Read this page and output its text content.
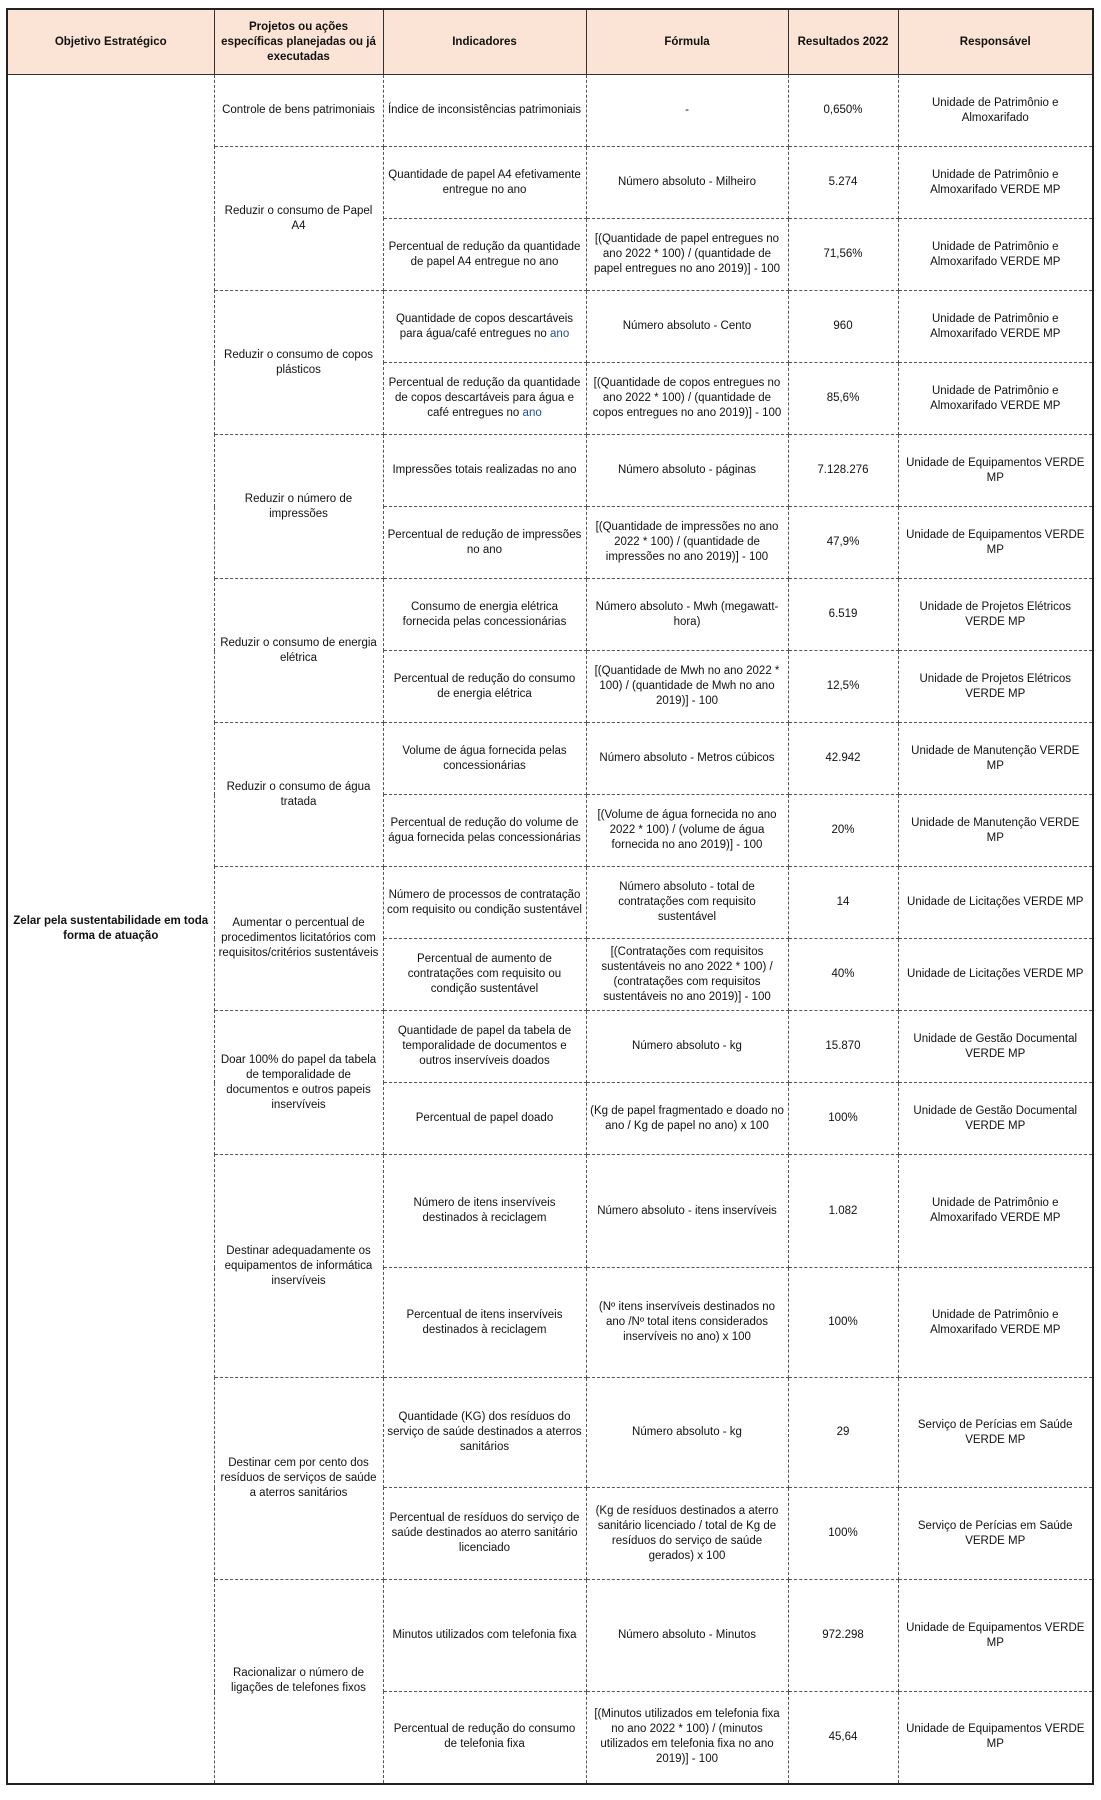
Objetivo Estratégico	Projetos ou ações específicas planejadas ou já executadas	Indicadores	Fórmula	Resultados 2022	Responsável
Zelar pela sustentabilidade em toda forma de atuação	Controle de bens patrimoniais	Índice de inconsistências patrimoniais	-	0,650%	Unidade de Patrimônio e Almoxarifado
	Reduzir o consumo de Papel A4	Quantidade de papel A4 efetivamente entregue no ano	Número absoluto - Milheiro	5.274	Unidade de Patrimônio e Almoxarifado VERDE MP
		Percentual de redução da quantidade de papel A4 entregue no ano	[(Quantidade de papel entregues no ano 2022 * 100) / (quantidade de papel entregues no ano 2019)] - 100	71,56%	Unidade de Patrimônio e Almoxarifado VERDE MP
	Reduzir o consumo de copos plásticos	Quantidade de copos descartáveis para água/café entregues no ano	Número absoluto - Cento	960	Unidade de Patrimônio e Almoxarifado VERDE MP
		Percentual de redução da quantidade de copos descartáveis para água e café entregues no ano	[(Quantidade de copos entregues no ano 2022 * 100) / (quantidade de copos entregues no ano 2019)] - 100	85,6%	Unidade de Patrimônio e Almoxarifado VERDE MP
	Reduzir o número de impressões	Impressões totais realizadas no ano	Número absoluto - páginas	7.128.276	Unidade de Equipamentos VERDE MP
		Percentual de redução de impressões no ano	[(Quantidade de impressões no ano 2022 * 100) / (quantidade de impressões no ano 2019)] - 100	47,9%	Unidade de Equipamentos VERDE MP
	Reduzir o consumo de energia elétrica	Consumo de energia elétrica fornecida pelas concessionárias	Número absoluto - Mwh (megawatt-hora)	6.519	Unidade de Projetos Elétricos VERDE MP
		Percentual de redução do consumo de energia elétrica	[(Quantidade de Mwh no ano 2022 * 100) / (quantidade de Mwh no ano 2019)] - 100	12,5%	Unidade de Projetos Elétricos VERDE MP
	Reduzir o consumo de água tratada	Volume de água fornecida pelas concessionárias	Número absoluto - Metros cúbicos	42.942	Unidade de Manutenção VERDE MP
		Percentual de redução do volume de água fornecida pelas concessionárias	[(Volume de água fornecida no ano 2022 * 100) / (volume de água fornecida no ano 2019)] - 100	20%	Unidade de Manutenção VERDE MP
	Aumentar o percentual de procedimentos licitatórios com requisitos/critérios sustentáveis	Número de processos de contratação com requisito ou condição sustentável	Número absoluto - total de contratações com requisito sustentável	14	Unidade de Licitações VERDE MP
		Percentual de aumento de contratações com requisito ou condição sustentável	[(Contratações com requisitos sustentáveis no ano 2022 * 100) / (contratações com requisitos sustentáveis no ano 2019)] - 100	40%	Unidade de Licitações VERDE MP
	Doar 100% do papel da tabela de temporalidade de documentos e outros papeis inservíveis	Quantidade de papel da tabela de temporalidade de documentos e outros inservíveis doados	Número absoluto - kg	15.870	Unidade de Gestão Documental VERDE MP
		Percentual de papel doado	(Kg de papel fragmentado e doado no ano / Kg de papel no ano) x 100	100%	Unidade de Gestão Documental VERDE MP
	Destinar adequadamente os equipamentos de informática inservíveis	Número de itens inservíveis destinados à reciclagem	Número absoluto - itens inservíveis	1.082	Unidade de Patrimônio e Almoxarifado VERDE MP
		Percentual de itens inservíveis destinados à reciclagem	(Nº itens inservíveis destinados no ano /Nº total itens considerados inservíveis no ano) x 100	100%	Unidade de Patrimônio e Almoxarifado VERDE MP
	Destinar cem por cento dos resíduos de serviços de saúde a aterros sanitários	Quantidade (KG) dos resíduos do serviço de saúde destinados a aterros sanitários	Número absoluto - kg	29	Serviço de Perícias em Saúde VERDE MP
		Percentual de resíduos do serviço de saúde destinados ao aterro sanitário licenciado	(Kg de resíduos destinados a aterro sanitário licenciado / total de Kg de resíduos do serviço de saúde gerados) x 100	100%	Serviço de Perícias em Saúde VERDE MP
	Racionalizar o número de ligações de telefones fixos	Minutos utilizados com telefonia fixa	Número absoluto - Minutos	972.298	Unidade de Equipamentos VERDE MP
		Percentual de redução do consumo de telefonia fixa	[(Minutos utilizados em telefonia fixa no ano 2022 * 100) / (minutos utilizados em telefonia fixa no ano 2019)] - 100	45,64	Unidade de Equipamentos VERDE MP
